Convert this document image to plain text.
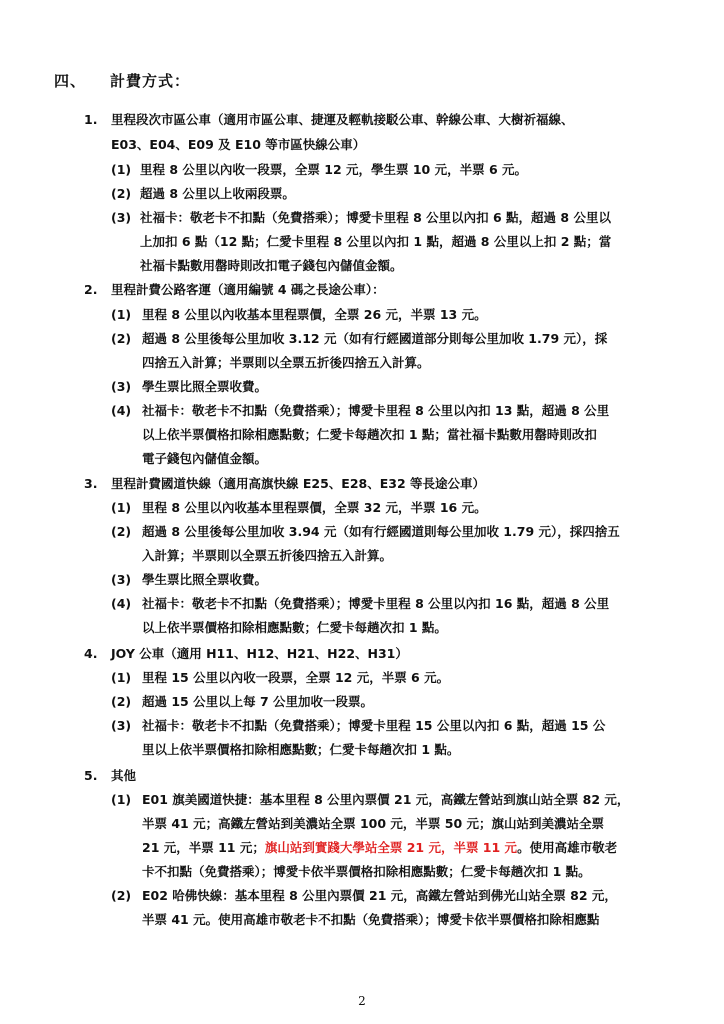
四、 計費方式：
1. 里程段次市區公車（適用市區公車、捷運及輕軌接駁公車、幹線公車、大樹祈福線、
E03、E04、E09 及 E10 等市區快線公車）
(1) 里程 8 公里以內收一段票，全票 12 元，學生票 10 元，半票 6 元。
(2) 超過 8 公里以上收兩段票。
(3) 社福卡：敬老卡不扣點（免費搭乘）；博愛卡里程 8 公里以內扣 6 點，超過 8 公里以
上加扣 6 點（12 點；仁愛卡里程 8 公里以內扣 1 點，超過 8 公里以上扣 2 點；當
社福卡點數用罄時則改扣電子錢包內儲值金額。
2. 里程計費公路客運（適用編號 4 碼之長途公車）：
(1) 里程 8 公里以內收基本里程票價，全票 26 元，半票 13 元。
(2) 超過 8 公里後每公里加收 3.12 元（如有行經國道部分則每公里加收 1.79 元），採
四捨五入計算；半票則以全票五折後四捨五入計算。
(3) 學生票比照全票收費。
(4) 社福卡：敬老卡不扣點（免費搭乘）；博愛卡里程 8 公里以內扣 13 點，超過 8 公里
以上依半票價格扣除相應點數；仁愛卡每趟次扣 1 點；當社福卡點數用罄時則改扣
電子錢包內儲值金額。
3. 里程計費國道快線（適用高旗快線 E25、E28、E32 等長途公車）
(1) 里程 8 公里以內收基本里程票價，全票 32 元，半票 16 元。
(2) 超過 8 公里後每公里加收 3.94 元（如有行經國道則每公里加收 1.79 元），採四捨五
入計算；半票則以全票五折後四捨五入計算。
(3) 學生票比照全票收費。
(4) 社福卡：敬老卡不扣點（免費搭乘）；博愛卡里程 8 公里以內扣 16 點，超過 8 公里
以上依半票價格扣除相應點數；仁愛卡每趟次扣 1 點。
4. JOY 公車（適用 H11、H12、H21、H22、H31）
(1) 里程 15 公里以內收一段票，全票 12 元，半票 6 元。
(2) 超過 15 公里以上每 7 公里加收一段票。
(3) 社福卡：敬老卡不扣點（免費搭乘）；博愛卡里程 15 公里以內扣 6 點，超過 15 公
里以上依半票價格扣除相應點數；仁愛卡每趟次扣 1 點。
5. 其他
(1) E01 旗美國道快捷：基本里程 8 公里內票價 21 元，高鐵左營站到旗山站全票 82 元，
半票 41 元；高鐵左營站到美濃站全票 100 元，半票 50 元；旗山站到美濃站全票
21 元，半票 11 元；旗山站到實踐大學站全票 21 元，半票 11 元。使用高雄市敬老
卡不扣點（免費搭乘）；博愛卡依半票價格扣除相應點數；仁愛卡每趟次扣 1 點。
(2) E02 哈佛快線：基本里程 8 公里內票價 21 元，高鐵左營站到佛光山站全票 82 元，
半票 41 元。使用高雄市敬老卡不扣點（免費搭乘）；博愛卡依半票價格扣除相應點
2
